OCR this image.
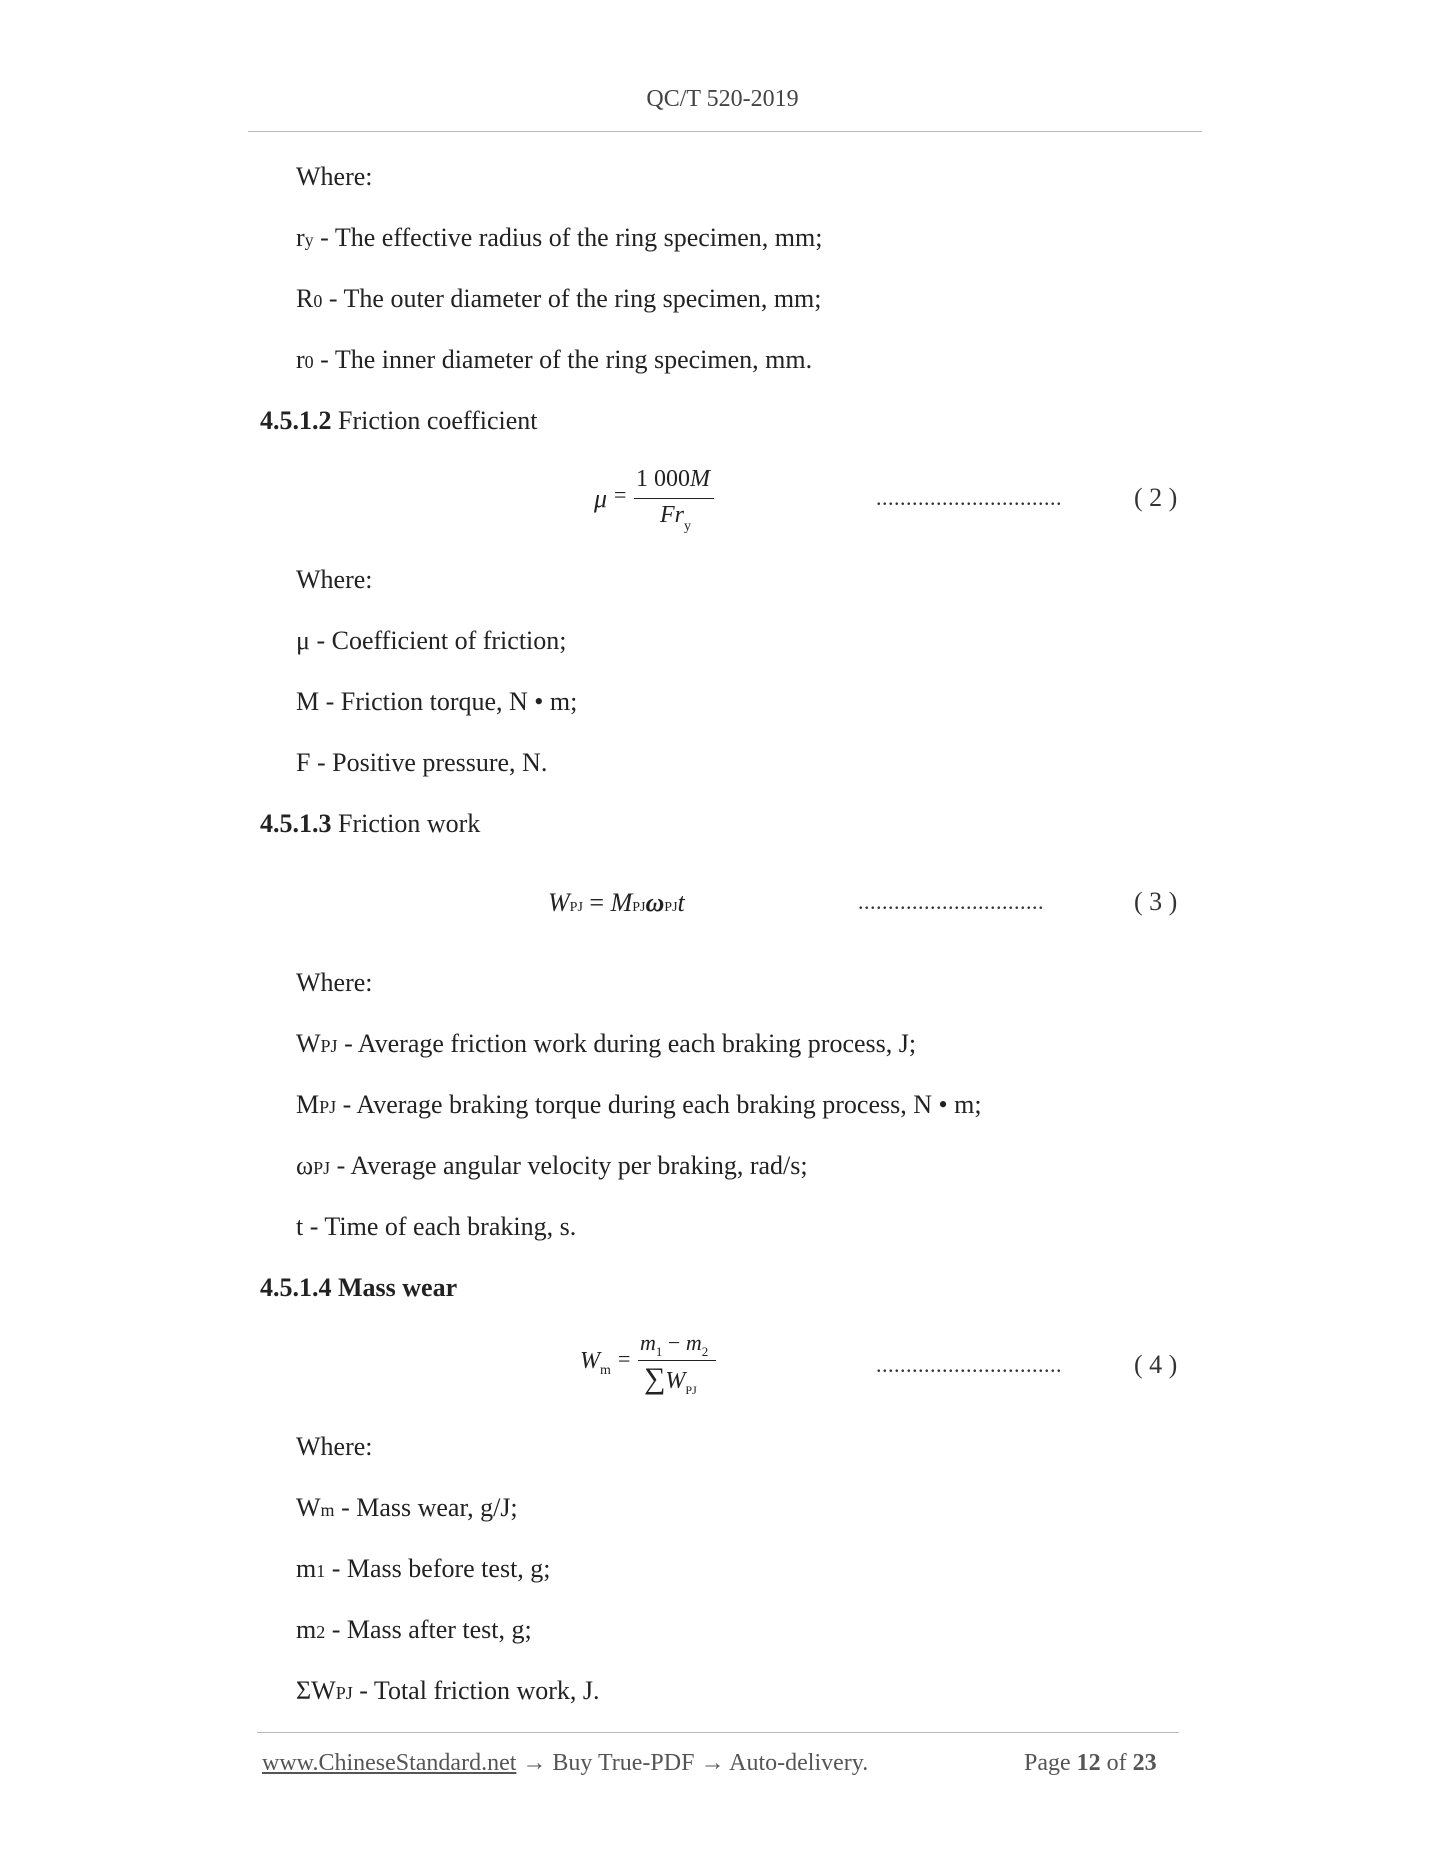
QC/T 520-2019
Where:
ry - The effective radius of the ring specimen, mm;
R0 - The outer diameter of the ring specimen, mm;
r0 - The inner diameter of the ring specimen, mm.
4.5.1.2 Friction coefficient
μ =
1 000M
$Fr_y$
...............................	( 2 )
Where:
μ - Coefficient of friction;
M - Friction torque, N • m;
F - Positive pressure, N.
4.5.1.3 Friction work
WPJ = MPJωPJt	...............................	( 3 )
Where:
WPJ - Average friction work during each braking process, J;
MPJ - Average braking torque during each braking process, N • m;
ωPJ - Average angular velocity per braking, rad/s;
t - Time of each braking, s.
4.5.1.4 Mass wear
$W_m$ =
$m_1 - m_2$
$\sum W_{PJ}$
...............................	( 4 )
Where:
Wm - Mass wear, g/J;
m1 - Mass before test, g;
m2 - Mass after test, g;
ΣWPJ - Total friction work, J.
www.ChineseStandard.net → Buy True-PDF → Auto-delivery.	Page 12 of 23
